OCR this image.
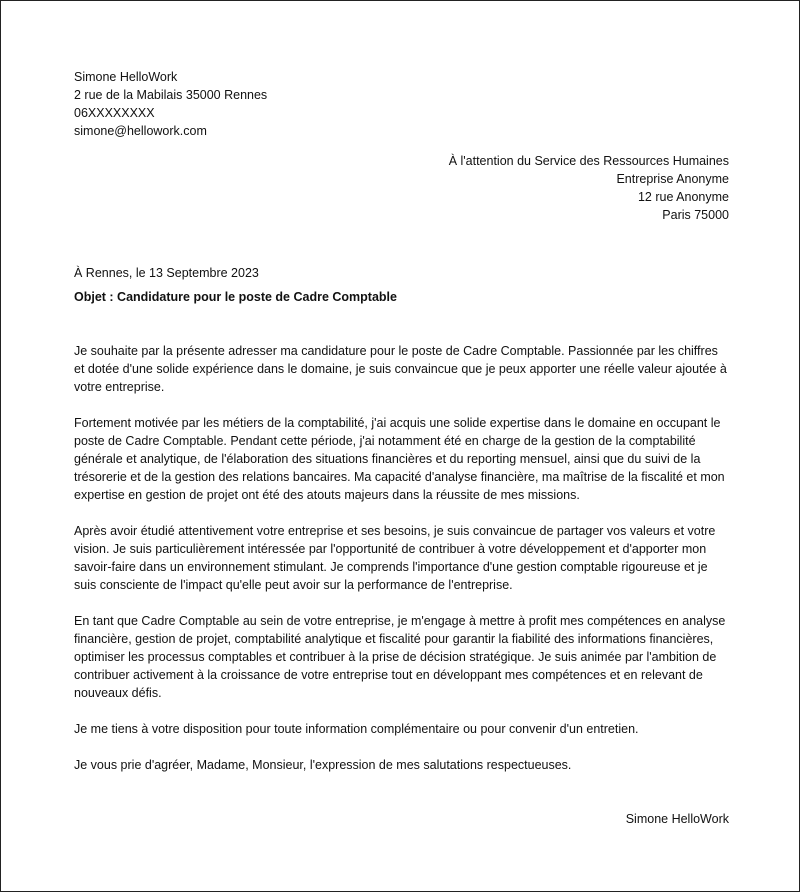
Simone HelloWork
2 rue de la Mabilais 35000 Rennes
06XXXXXXXX
simone@hellowork.com
À l'attention du Service des Ressources Humaines
Entreprise Anonyme
12 rue Anonyme
Paris 75000

À Rennes, le 13 Septembre 2023

Objet : Candidature pour le poste de Cadre Comptable

Je souhaite par la présente adresser ma candidature pour le poste de Cadre Comptable. Passionnée par les chiffres et dotée d'une solide expérience dans le domaine, je suis convaincue que je peux apporter une réelle valeur ajoutée à votre entreprise.

Fortement motivée par les métiers de la comptabilité, j'ai acquis une solide expertise dans le domaine en occupant le poste de Cadre Comptable. Pendant cette période, j'ai notamment été en charge de la gestion de la comptabilité générale et analytique, de l'élaboration des situations financières et du reporting mensuel, ainsi que du suivi de la trésorerie et de la gestion des relations bancaires. Ma capacité d'analyse financière, ma maîtrise de la fiscalité et mon expertise en gestion de projet ont été des atouts majeurs dans la réussite de mes missions.

Après avoir étudié attentivement votre entreprise et ses besoins, je suis convaincue de partager vos valeurs et votre vision. Je suis particulièrement intéressée par l'opportunité de contribuer à votre développement et d'apporter mon savoir-faire dans un environnement stimulant. Je comprends l'importance d'une gestion comptable rigoureuse et je suis consciente de l'impact qu'elle peut avoir sur la performance de l'entreprise.

En tant que Cadre Comptable au sein de votre entreprise, je m'engage à mettre à profit mes compétences en analyse financière, gestion de projet, comptabilité analytique et fiscalité pour garantir la fiabilité des informations financières, optimiser les processus comptables et contribuer à la prise de décision stratégique. Je suis animée par l'ambition de contribuer activement à la croissance de votre entreprise tout en développant mes compétences et en relevant de nouveaux défis.

Je me tiens à votre disposition pour toute information complémentaire ou pour convenir d'un entretien.

Je vous prie d'agréer, Madame, Monsieur, l'expression de mes salutations respectueuses.

Simone HelloWork
